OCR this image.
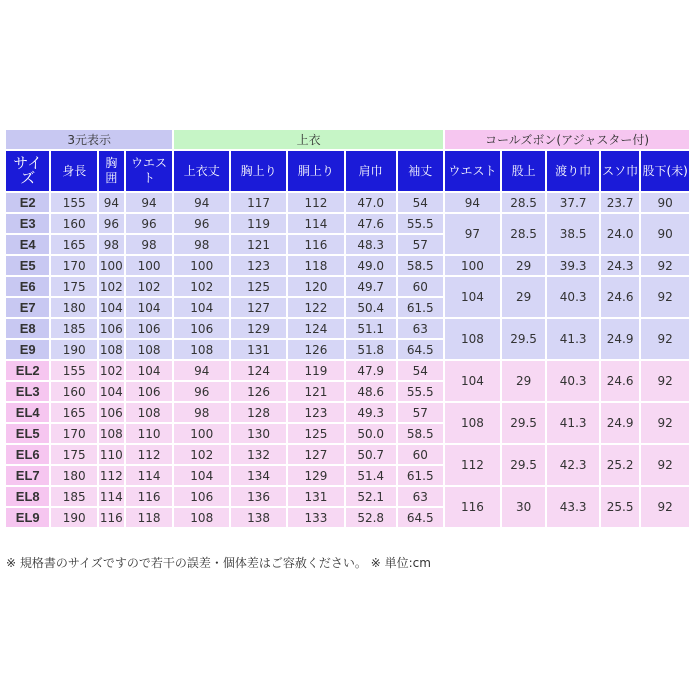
3元表示				上衣					コールズボン(アジャスター付)				
サイズ	身長	胸囲	ウエスト	上衣丈	胸上り	胴上り	肩巾	袖丈	ウエスト	股上	渡り巾	スソ巾	股下(未)
E2	155	94	94	94	117	112	47.0	54	94	28.5	37.7	23.7	90
E3	160	96	96	96	119	114	47.6	55.5	97	28.5	38.5	24.0	90
E4	165	98	98	98	121	116	48.3	57					
E5	170	100	100	100	123	118	49.0	58.5	100	29	39.3	24.3	92
E6	175	102	102	102	125	120	49.7	60	104	29	40.3	24.6	92
E7	180	104	104	104	127	122	50.4	61.5					
E8	185	106	106	106	129	124	51.1	63	108	29.5	41.3	24.9	92
E9	190	108	108	108	131	126	51.8	64.5					
EL2	155	102	104	94	124	119	47.9	54	104	29	40.3	24.6	92
EL3	160	104	106	96	126	121	48.6	55.5					
EL4	165	106	108	98	128	123	49.3	57	108	29.5	41.3	24.9	92
EL5	170	108	110	100	130	125	50.0	58.5					
EL6	175	110	112	102	132	127	50.7	60	112	29.5	42.3	25.2	92
EL7	180	112	114	104	134	129	51.4	61.5					
EL8	185	114	116	106	136	131	52.1	63	116	30	43.3	25.5	92
EL9	190	116	118	108	138	133	52.8	64.5					
※ 規格書のサイズですので若干の誤差・個体差はご容赦ください。 ※ 単位:cm
